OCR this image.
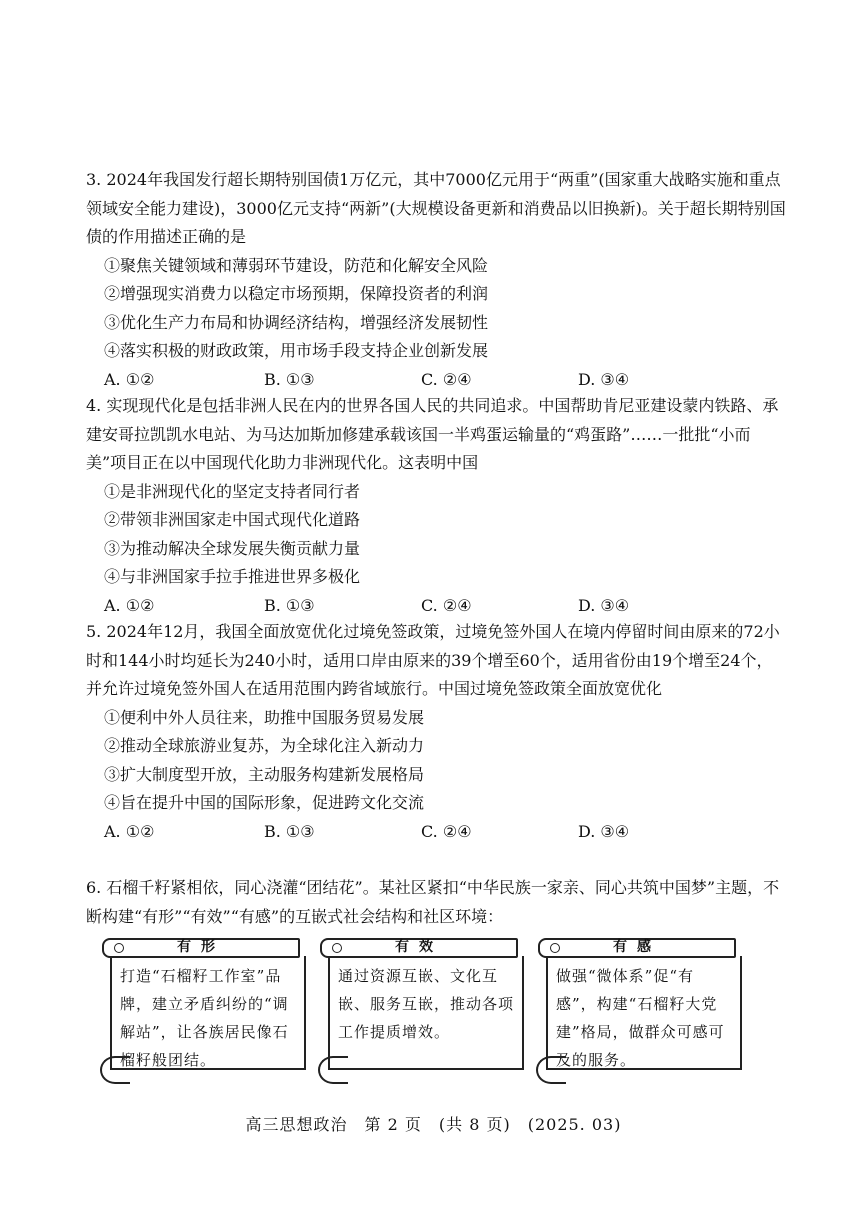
3. 2024年我国发行超长期特别国债1万亿元，其中7000亿元用于“两重”(国家重大战略实施和重点领域安全能力建设)，3000亿元支持“两新”(大规模设备更新和消费品以旧换新)。关于超长期特别国债的作用描述正确的是

①聚焦关键领域和薄弱环节建设，防范和化解安全风险

②增强现实消费力以稳定市场预期，保障投资者的利润

③优化生产力布局和协调经济结构，增强经济发展韧性

④落实积极的财政政策，用市场手段支持企业创新发展

A. ①②	B. ①③	C. ②④	D. ③④

4. 实现现代化是包括非洲人民在内的世界各国人民的共同追求。中国帮助肯尼亚建设蒙内铁路、承建安哥拉凯凯水电站、为马达加斯加修建承载该国一半鸡蛋运输量的“鸡蛋路”……一批批“小而美”项目正在以中国现代化助力非洲现代化。这表明中国

①是非洲现代化的坚定支持者同行者

②带领非洲国家走中国式现代化道路

③为推动解决全球发展失衡贡献力量

④与非洲国家手拉手推进世界多极化

A. ①②	B. ①③	C. ②④	D. ③④

5. 2024年12月，我国全面放宽优化过境免签政策，过境免签外国人在境内停留时间由原来的72小时和144小时均延长为240小时，适用口岸由原来的39个增至60个，适用省份由19个增至24个，并允许过境免签外国人在适用范围内跨省域旅行。中国过境免签政策全面放宽优化

①便利中外人员往来，助推中国服务贸易发展

②推动全球旅游业复苏，为全球化注入新动力

③扩大制度型开放，主动服务构建新发展格局

④旨在提升中国的国际形象，促进跨文化交流

A. ①②	B. ①③	C. ②④	D. ③④

6. 石榴千籽紧相依，同心浇灌“团结花”。某社区紧扣“中华民族一家亲、同心共筑中国梦”主题，不断构建“有形”“有效”“有感”的互嵌式社会结构和社区环境：

有形
打造“石榴籽工作室”品牌，建立矛盾纠纷的“调解站”，让各族居民像石榴籽般团结。
有效
通过资源互嵌、文化互嵌、服务互嵌，推动各项工作提质增效。
有感
做强“微体系”促“有感”，构建“石榴籽大党建”格局，做群众可感可及的服务。
高三思想政治　第 2 页　(共 8 页)　(2025. 03)
